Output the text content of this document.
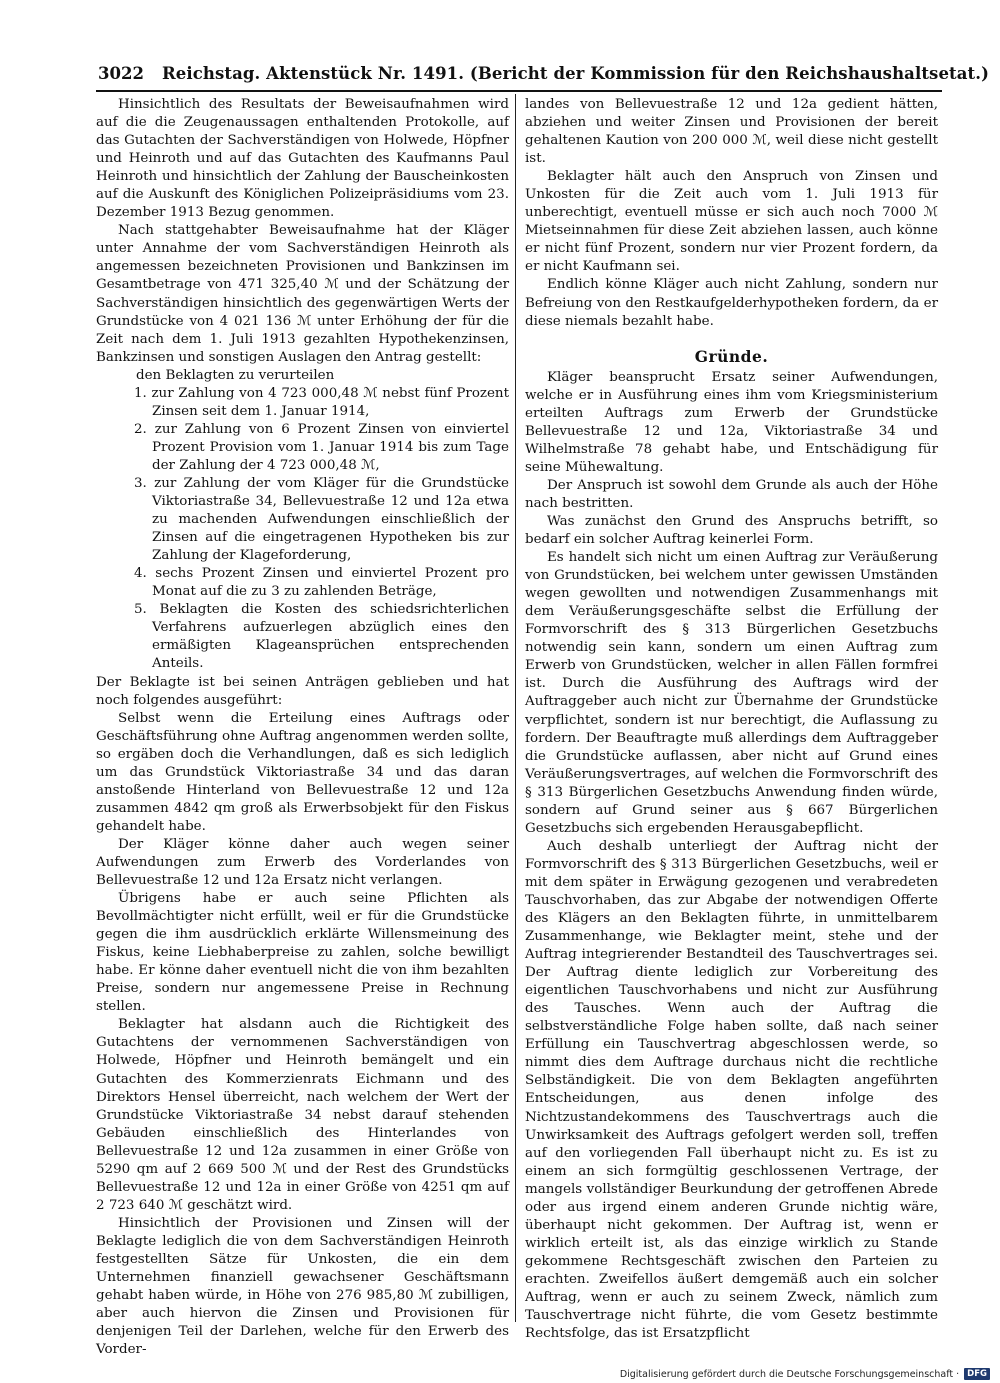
3022 Reichstag. Aktenstück Nr. 1491. (Bericht der Kommission für den Reichshaushaltsetat.)

Hinsichtlich des Resultats der Beweisaufnahmen wird auf die die Zeugenaussagen enthaltenden Protokolle, auf das Gutachten der Sachverständigen von Holwede, Höpfner und Heinroth und auf das Gutachten des Kaufmanns Paul Heinroth und hinsichtlich der Zahlung der Bauscheinkosten auf die Auskunft des Königlichen Polizeipräsidiums vom 23. Dezember 1913 Bezug genommen.

Nach stattgehabter Beweisaufnahme hat der Kläger unter Annahme der vom Sachverständigen Heinroth als angemessen bezeichneten Provisionen und Bankzinsen im Gesamtbetrage von 471 325,40 ℳ und der Schätzung der Sachverständigen hinsichtlich des gegenwärtigen Werts der Grundstücke von 4 021 136 ℳ unter Erhöhung der für die Zeit nach dem 1. Juli 1913 gezahlten Hypothekenzinsen, Bankzinsen und sonstigen Auslagen den Antrag gestellt:

den Beklagten zu verurteilen

1. zur Zahlung von 4 723 000,48 ℳ nebst fünf Prozent Zinsen seit dem 1. Januar 1914,

2. zur Zahlung von 6 Prozent Zinsen von einviertel Prozent Provision vom 1. Januar 1914 bis zum Tage der Zahlung der 4 723 000,48 ℳ,

3. zur Zahlung der vom Kläger für die Grundstücke Viktoriastraße 34, Bellevuestraße 12 und 12a etwa zu machenden Aufwendungen einschließlich der Zinsen auf die eingetragenen Hypotheken bis zur Zahlung der Klageforderung,

4. sechs Prozent Zinsen und einviertel Prozent pro Monat auf die zu 3 zu zahlenden Beträge,

5. Beklagten die Kosten des schiedsrichterlichen Verfahrens aufzuerlegen abzüglich eines den ermäßigten Klageansprüchen entsprechenden Anteils.

Der Beklagte ist bei seinen Anträgen geblieben und hat noch folgendes ausgeführt:

Selbst wenn die Erteilung eines Auftrags oder Geschäftsführung ohne Auftrag angenommen werden sollte, so ergäben doch die Verhandlungen, daß es sich lediglich um das Grundstück Viktoriastraße 34 und das daran anstoßende Hinterland von Bellevuestraße 12 und 12a zusammen 4842 qm groß als Erwerbsobjekt für den Fiskus gehandelt habe.

Der Kläger könne daher auch wegen seiner Aufwendungen zum Erwerb des Vorderlandes von Bellevuestraße 12 und 12a Ersatz nicht verlangen.

Übrigens habe er auch seine Pflichten als Bevollmächtigter nicht erfüllt, weil er für die Grundstücke gegen die ihm ausdrücklich erklärte Willensmeinung des Fiskus, keine Liebhaberpreise zu zahlen, solche bewilligt habe. Er könne daher eventuell nicht die von ihm bezahlten Preise, sondern nur angemessene Preise in Rechnung stellen.

Beklagter hat alsdann auch die Richtigkeit des Gutachtens der vernommenen Sachverständigen von Holwede, Höpfner und Heinroth bemängelt und ein Gutachten des Kommerzienrats Eichmann und des Direktors Hensel überreicht, nach welchem der Wert der Grundstücke Viktoriastraße 34 nebst darauf stehenden Gebäuden einschließlich des Hinterlandes von Bellevuestraße 12 und 12a zusammen in einer Größe von 5290 qm auf 2 669 500 ℳ und der Rest des Grundstücks Bellevuestraße 12 und 12a in einer Größe von 4251 qm auf 2 723 640 ℳ geschätzt wird.

Hinsichtlich der Provisionen und Zinsen will der Beklagte lediglich die von dem Sachverständigen Heinroth festgestellten Sätze für Unkosten, die ein dem Unternehmen finanziell gewachsener Geschäftsmann gehabt haben würde, in Höhe von 276 985,80 ℳ zubilligen, aber auch hiervon die Zinsen und Provisionen für denjenigen Teil der Darlehen, welche für den Erwerb des Vorder-

landes von Bellevuestraße 12 und 12a gedient hätten, abziehen und weiter Zinsen und Provisionen der bereit gehaltenen Kaution von 200 000 ℳ, weil diese nicht gestellt ist.

Beklagter hält auch den Anspruch von Zinsen und Unkosten für die Zeit auch vom 1. Juli 1913 für unberechtigt, eventuell müsse er sich auch noch 7000 ℳ Mietseinnahmen für diese Zeit abziehen lassen, auch könne er nicht fünf Prozent, sondern nur vier Prozent fordern, da er nicht Kaufmann sei.

Endlich könne Kläger auch nicht Zahlung, sondern nur Befreiung von den Restkaufgelderhypotheken fordern, da er diese niemals bezahlt habe.

Gründe.

Kläger beansprucht Ersatz seiner Aufwendungen, welche er in Ausführung eines ihm vom Kriegsministerium erteilten Auftrags zum Erwerb der Grundstücke Bellevuestraße 12 und 12a, Viktoriastraße 34 und Wilhelmstraße 78 gehabt habe, und Entschädigung für seine Mühewaltung.

Der Anspruch ist sowohl dem Grunde als auch der Höhe nach bestritten.

Was zunächst den Grund des Anspruchs betrifft, so bedarf ein solcher Auftrag keinerlei Form.

Es handelt sich nicht um einen Auftrag zur Veräußerung von Grundstücken, bei welchem unter gewissen Umständen wegen gewollten und notwendigen Zusammenhangs mit dem Veräußerungsgeschäfte selbst die Erfüllung der Formvorschrift des § 313 Bürgerlichen Gesetzbuchs notwendig sein kann, sondern um einen Auftrag zum Erwerb von Grundstücken, welcher in allen Fällen formfrei ist. Durch die Ausführung des Auftrags wird der Auftraggeber auch nicht zur Übernahme der Grundstücke verpflichtet, sondern ist nur berechtigt, die Auflassung zu fordern. Der Beauftragte muß allerdings dem Auftraggeber die Grundstücke auflassen, aber nicht auf Grund eines Veräußerungsvertrages, auf welchen die Formvorschrift des § 313 Bürgerlichen Gesetzbuchs Anwendung finden würde, sondern auf Grund seiner aus § 667 Bürgerlichen Gesetzbuchs sich ergebenden Herausgabepflicht.

Auch deshalb unterliegt der Auftrag nicht der Formvorschrift des § 313 Bürgerlichen Gesetzbuchs, weil er mit dem später in Erwägung gezogenen und verabredeten Tauschvorhaben, das zur Abgabe der notwendigen Offerte des Klägers an den Beklagten führte, in unmittelbarem Zusammenhange, wie Beklagter meint, stehe und der Auftrag integrierender Bestandteil des Tauschvertrages sei. Der Auftrag diente lediglich zur Vorbereitung des eigentlichen Tauschvorhabens und nicht zur Ausführung des Tausches. Wenn auch der Auftrag die selbstverständliche Folge haben sollte, daß nach seiner Erfüllung ein Tauschvertrag abgeschlossen werde, so nimmt dies dem Auftrage durchaus nicht die rechtliche Selbständigkeit. Die von dem Beklagten angeführten Entscheidungen, aus denen infolge des Nichtzustandekommens des Tauschvertrags auch die Unwirksamkeit des Auftrags gefolgert werden soll, treffen auf den vorliegenden Fall überhaupt nicht zu. Es ist zu einem an sich formgültig geschlossenen Vertrage, der mangels vollständiger Beurkundung der getroffenen Abrede oder aus irgend einem anderen Grunde nichtig wäre, überhaupt nicht gekommen. Der Auftrag ist, wenn er wirklich erteilt ist, als das einzige wirklich zu Stande gekommene Rechtsgeschäft zwischen den Parteien zu erachten. Zweifellos äußert demgemäß auch ein solcher Auftrag, wenn er auch zu seinem Zweck, nämlich zum Tauschvertrage nicht führte, die vom Gesetz bestimmte Rechtsfolge, das ist Ersatzpflicht

Digitalisierung gefördert durch die Deutsche Forschungsgemeinschaft · DFG
